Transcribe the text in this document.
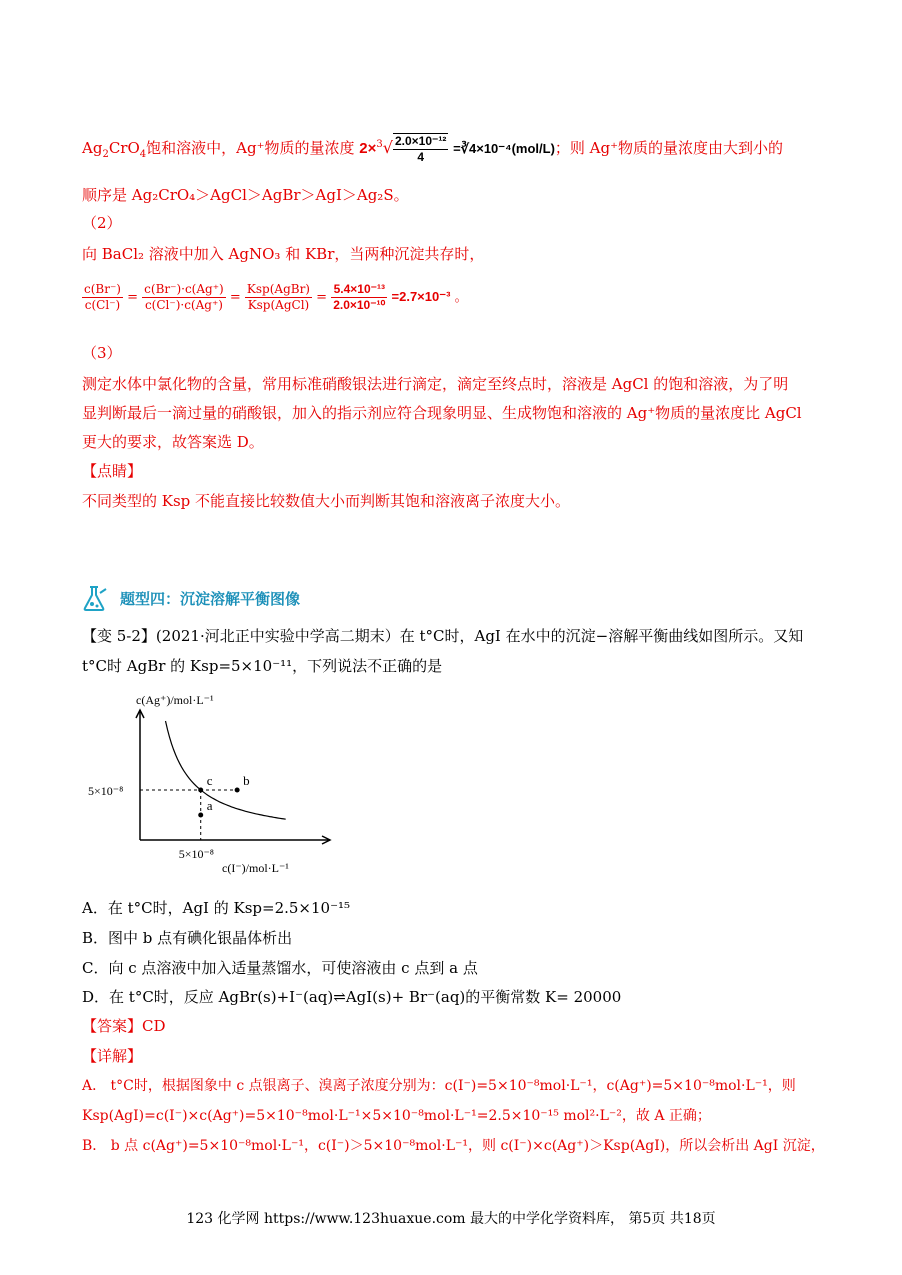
$Ag_2CrO_4$饱和溶液中，Ag⁺物质的量浓度 $2\times^3√ \frac{\text{2.0×10⁻¹²}}{4}$ =∛4×10⁻⁴(mol/L)；则 Ag⁺物质的量浓度由大到小的
顺序是 Ag₂CrO₄＞AgCl＞AgBr＞AgI＞Ag₂S。
（2）
向 BaCl₂ 溶液中加入 AgNO₃ 和 KBr，当两种沉淀共存时，
$\frac{c(Br^-)}{c(Cl^-)} = \frac{c(Br^-)\cdot c(Ag^+)}{c(Cl^-)\cdot c(Ag^+)} = \frac{\text{Ksp(AgBr)}}{\text{Ksp(AgCl)}} = \frac{\text{5.4×10⁻¹³}}{\text{2.0×10⁻¹⁰}} =2.7\times 10^{-3}$ 。
（3）
测定水体中氯化物的含量，常用标准硝酸银法进行滴定，滴定至终点时，溶液是 AgCl 的饱和溶液，为了明
显判断最后一滴过量的硝酸银，加入的指示剂应符合现象明显、生成物饱和溶液的 Ag⁺物质的量浓度比 AgCl
更大的要求，故答案选 D。
【点睛】
不同类型的 Ksp 不能直接比较数值大小而判断其饱和溶液离子浓度大小。
题型四：沉淀溶解平衡图像
【变 5-2】(2021·河北正中实验中学高二期末）在 t°C时，AgI 在水中的沉淀−溶解平衡曲线如图所示。又知
t°C时 AgBr 的 Ksp=5×10⁻¹¹，下列说法不正确的是
c b
a
5×10⁻⁸
5×10⁻⁸
c(Ag⁺)/mol·L⁻¹
c(I⁻)/mol·L⁻¹
A．在 t°C时，AgI 的 Ksp=2.5×10⁻¹⁵
B．图中 b 点有碘化银晶体析出
C．向 c 点溶液中加入适量蒸馏水，可使溶液由 c 点到 a 点
D．在 t°C时，反应 AgBr(s)+I⁻(aq)⇌AgI(s)+ Br⁻(aq)的平衡常数 K= 20000
【答案】CD
【详解】
A． t°C时，根据图象中 c 点银离子、溴离子浓度分别为：c(I⁻)=5×10⁻⁸mol·L⁻¹，c(Ag⁺)=5×10⁻⁸mol·L⁻¹，则
Ksp(AgI)=c(I⁻)×c(Ag⁺)=5×10⁻⁸mol·L⁻¹×5×10⁻⁸mol·L⁻¹=2.5×10⁻¹⁵ mol²·L⁻²，故 A 正确；
B． b 点 c(Ag⁺)=5×10⁻⁸mol·L⁻¹，c(I⁻)＞5×10⁻⁸mol·L⁻¹，则 c(I⁻)×c(Ag⁺)＞Ksp(AgI)，所以会析出 AgI 沉淀，
123 化学网 https://www.123huaxue.com 最大的中学化学资料库， 第5页 共18页
